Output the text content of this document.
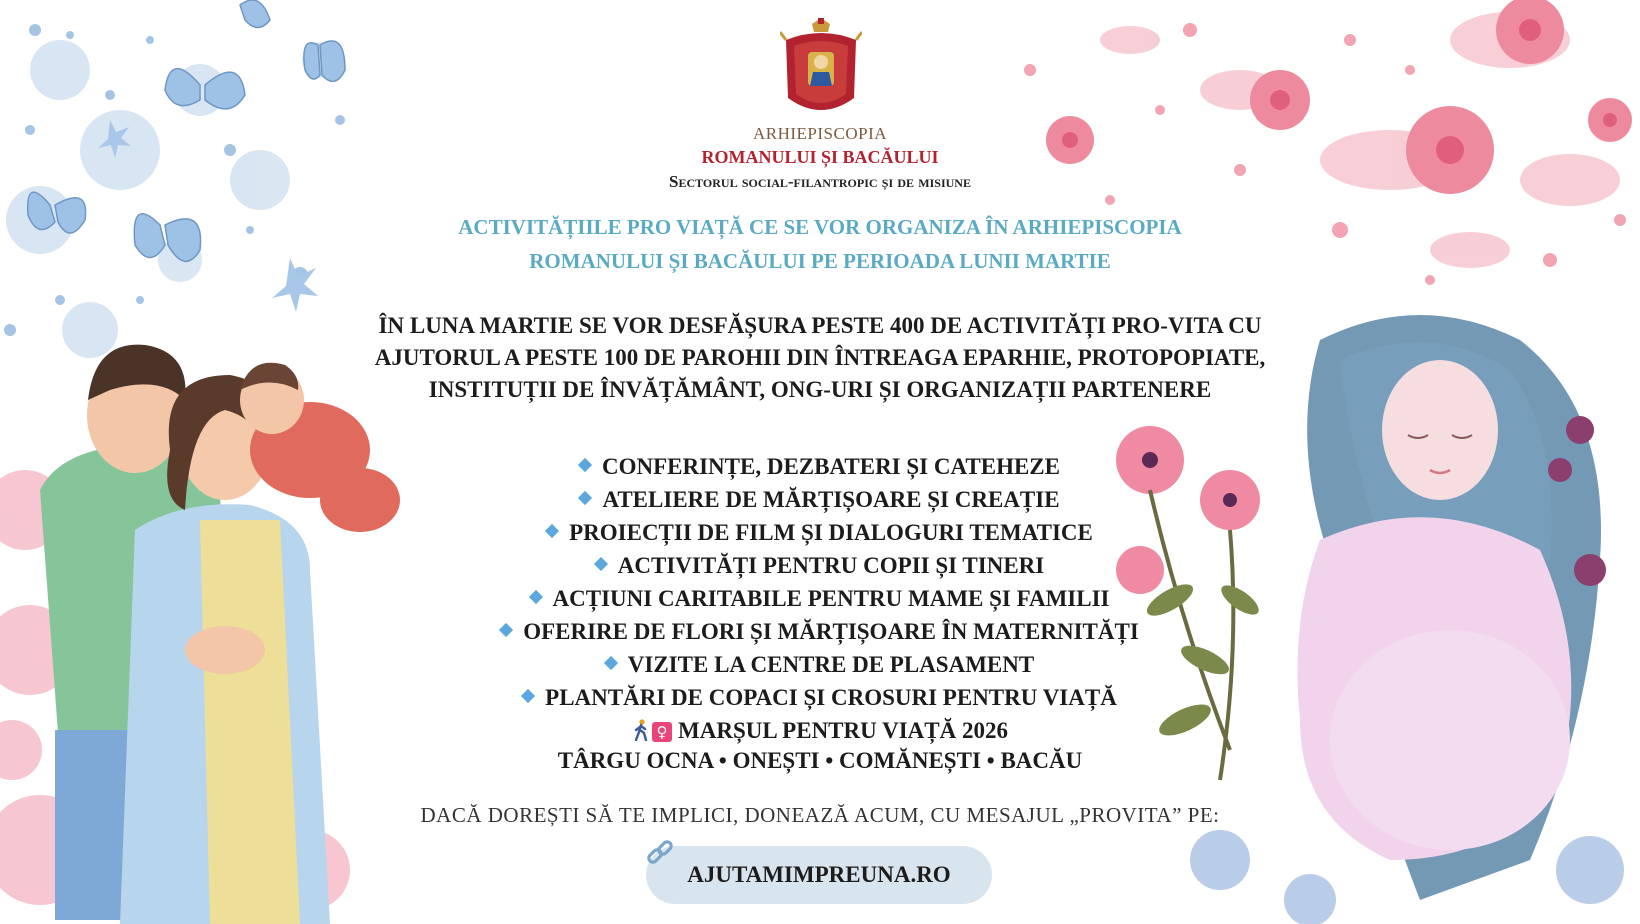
ARHIEPISCOPIA
ROMANULUI ȘI BACĂULUI
Sectorul social-filantropic și de misiune
ACTIVITĂȚIILE PRO VIAȚĂ CE SE VOR ORGANIZA ÎN ARHIEPISCOPIA
ROMANULUI ȘI BACĂULUI PE PERIOADA LUNII MARTIE
ÎN LUNA MARTIE SE VOR DESFĂȘURA PESTE 400 DE ACTIVITĂȚI PRO-VITA CU
AJUTORUL A PESTE 100 DE PAROHII DIN ÎNTREAGA EPARHIE, PROTOPOPIATE,
INSTITUȚII DE ÎNVĂȚĂMÂNT, ONG-URI ȘI ORGANIZAȚII PARTENERE
CONFERINȚE, DEZBATERI ȘI CATEHEZE
ATELIERE DE MĂRȚIȘOARE ȘI CREAȚIE
PROIECȚII DE FILM ȘI DIALOGURI TEMATICE
ACTIVITĂȚI PENTRU COPII ȘI TINERI
ACȚIUNI CARITABILE PENTRU MAME ȘI FAMILII
OFERIRE DE FLORI ȘI MĂRȚIȘOARE ÎN MATERNITĂȚI
VIZITE LA CENTRE DE PLASAMENT
PLANTĂRI DE COPACI ȘI CROSURI PENTRU VIAȚĂ
♀ MARȘUL PENTRU VIAȚĂ 2026
TÂRGU OCNA • ONEȘTI • COMĂNEȘTI • BACĂU
DACĂ DOREȘTI SĂ TE IMPLICI, DONEAZĂ ACUM, CU MESAJUL „PROVITA” PE:
AJUTAMIMPREUNA.RO
